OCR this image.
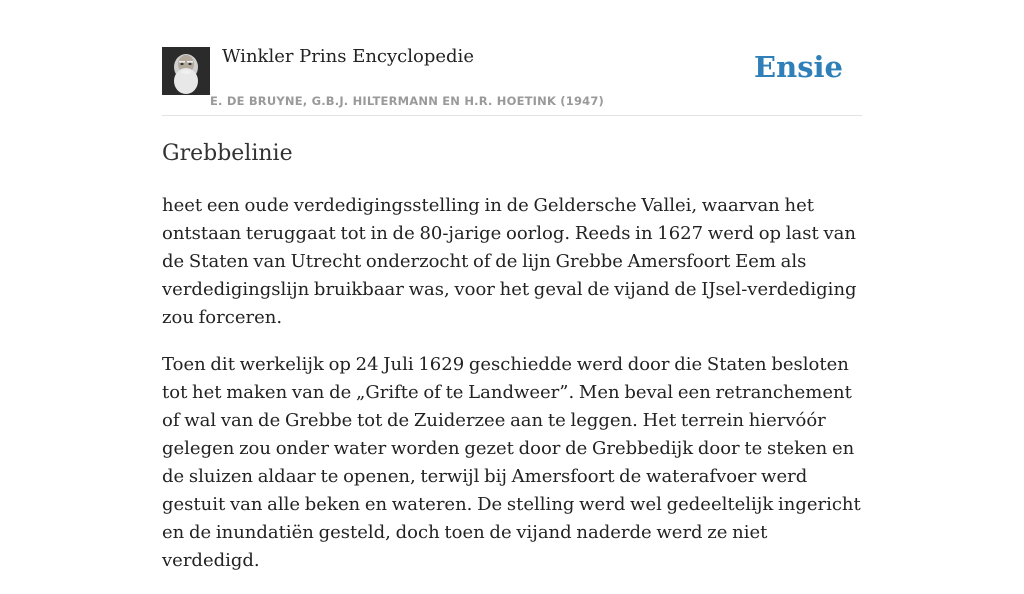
Winkler Prins Encyclopedie
E. DE BRUYNE, G.B.J. HILTERMANN EN H.R. HOETINK (1947)
Ensie
Grebbelinie

heet een oude verdedigingsstelling in de Geldersche Vallei, waarvan het ontstaan teruggaat tot in de 80-jarige oorlog. Reeds in 1627 werd op last van de Staten van Utrecht onderzocht of de lijn Grebbe Amersfoort Eem als verdedigingslijn bruikbaar was, voor het geval de vijand de IJsel-verdediging zou forceren.

Toen dit werkelijk op 24 Juli 1629 geschiedde werd door die Staten besloten tot het maken van de „Grifte of te Landweer”. Men beval een retranchement of wal van de Grebbe tot de Zuiderzee aan te leggen. Het terrein hiervóór gelegen zou onder water worden gezet door de Grebbedijk door te steken en de sluizen aldaar te openen, terwijl bij Amersfoort de waterafvoer werd gestuit van alle beken en wateren. De stelling werd wel gedeeltelijk ingericht en de inundatiën gesteld, doch toen de vijand naderde werd ze niet verdedigd.
